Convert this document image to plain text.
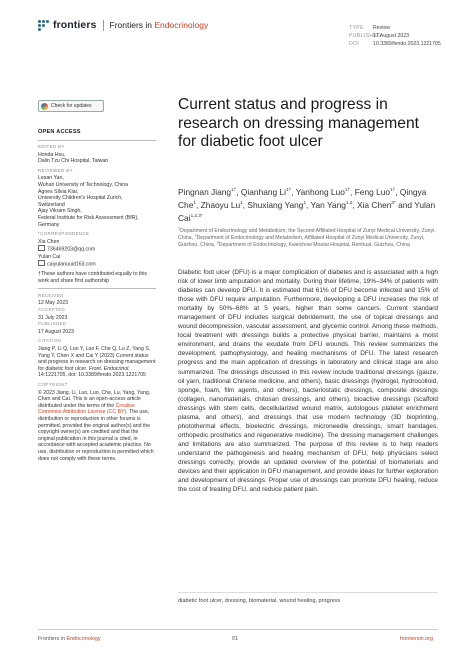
frontiers Frontiers in Endocrinology	TYPE Review
PUBLISHED17 August 2023
DOI	10.3389/fendo.2023.1221705
Check for updates
OPEN ACCESS
EDITED BY
Honda Hsu,
Dalin Tzu Chi Hospital, Taiwan
REVIEWED BY
Lesan Yan,
Wuhan University of Technology, China
Agnes Silvia Klar,
University Children's Hospital Zurich,
Switzerland
Ajay Vikram Singh,
Federal Institute for Risk Assessment (BfR),
Germany
*CORRESPONDENCE
Xia Chen
736469203@qq.com
Yulan Cai
caiyulanuuid163.com
†These authors have contributed equally to this work and share first authorship
RECEIVED
12 May 2023
ACCEPTED
31 July 2023
PUBLISHED
17 August 2023
CITATION
Jiang P, Li Q, Luo Y, Luo F, Che Q, Lu Z, Yang S, Yang Y, Chen X and Cai Y (2023) Current status and progress in research on dressing management for diabetic foot ulcer. Front. Endocrinol. 14:1221705. doi: 10.3389/fendo.2023.1221705
COPYRIGHT
© 2023 Jiang, Li, Luo, Luo, Che, Lu, Yang, Yang, Chen and Cai. This is an open-access article distributed under the terms of the Creative Commons Attribution License (CC BY). The use, distribution or reproduction in other forums is permitted, provided the original author(s) and the copyright owner(s) are credited and that the original publication in this journal is cited, in accordance with accepted academic practice. No use, distribution or reproduction is permitted which does not comply with these terms.
Current status and progress in research on dressing management for diabetic foot ulcer
Pingnan Jiang$^{1\dagger}$, Qianhang $Li^{1\dagger}$, Yanhong Luo$^{1\dagger}$, Feng Luo$^{1\dagger}$, Qingya Che$^1$, Zhaoyu Lu$^1$, Shuxiang Yang$^1$, Yan Yang$^{1,2}$, Xia Chen$^{3*}$ and Yulan Cai$^{1,2,3*}$
$^1$Department of Endocrinology and Metabolism, the Second Affiliated Hospital of Zunyi Medical University, Zunyi, China, $^2$Department of Endocrinology and Metabolism, Affiliated Hospital of Zunyi Medical University, Zunyi, Guizhou, China, $^3$Department of Endocrinology, Kweichow Moutai Hospital, Renhuai, Guizhou, China

Diabetic foot ulcer (DFU) is a major complication of diabetes and is associated with a high risk of lower limb amputation and mortality. During their lifetime, 19%–34% of patients with diabetes can develop DFU. It is estimated that 61% of DFU become infected and 15% of those with DFU require amputation. Furthermore, developing a DFU increases the risk of mortality by 50%–68% at 5 years, higher than some cancers. Current standard management of DFU includes surgical debridement, the use of topical dressings and wound decompression, vascular assessment, and glycemic control. Among these methods, local treatment with dressings builds a protective physical barrier, maintains a moist environment, and drains the exudate from DFU wounds. This review summarizes the development, pathophysiology, and healing mechanisms of DFU. The latest research progress and the main application of dressings in laboratory and clinical stage are also summarized. The dressings discussed in this review include traditional dressings (gauze, oil yarn, traditional Chinese medicine, and others), basic dressings (hydrogel, hydrocolloid, sponge, foam, film agents, and others), bacteriostatic dressings, composite dressings (collagen, nanomaterials, chitosan dressings, and others), bioactive dressings (scaffold dressings with stem cells, decellularized wound matrix, autologous platelet enrichment plasma, and others), and dressings that use modern technology (3D bioprinting, photothermal effects, bioelectric dressings, microneedle dressings, smart bandages, orthopedic prosthetics and regenerative medicine). The dressing management challenges and limitations are also summarized. The purpose of this review is to help readers understand the pathogenesis and healing mechanism of DFU, help physicians select dressings correctly, provide an updated overview of the potential of biomaterials and devices and their application in DFU management, and provide ideas for further exploration and development of dressings. Proper use of dressings can promote DFU healing, reduce the cost of treating DFU, and reduce patient pain.

diabetic foot ulcer, dressing, biomaterial, wound healing, progress
Frontiers in Endocrinology	01	frontiersin.org
